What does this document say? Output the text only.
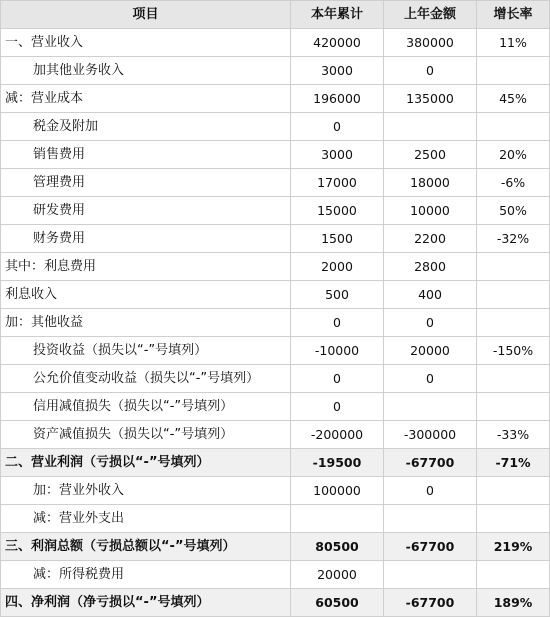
项目	本年累计	上年金额	增长率
一、营业收入	420000	380000	11%
加其他业务收入	3000	0	
减：营业成本	196000	135000	45%
税金及附加	0		
销售费用	3000	2500	20%
管理费用	17000	18000	-6%
研发费用	15000	10000	50%
财务费用	1500	2200	-32%
其中：利息费用	2000	2800	
利息收入	500	400	
加：其他收益	0	0	
投资收益（损失以“-”号填列）	-10000	20000	-150%
公允价值变动收益（损失以“-”号填列）	0	0	
信用减值损失（损失以“-”号填列）	0		
资产减值损失（损失以“-”号填列）	-200000	-300000	-33%
二、营业利润（亏损以“-”号填列）	-19500	-67700	-71%
加：营业外收入	100000	0	
减：营业外支出			
三、利润总额（亏损总额以“-”号填列）	80500	-67700	219%
减：所得税费用	20000		
四、净利润（净亏损以“-”号填列）	60500	-67700	189%
